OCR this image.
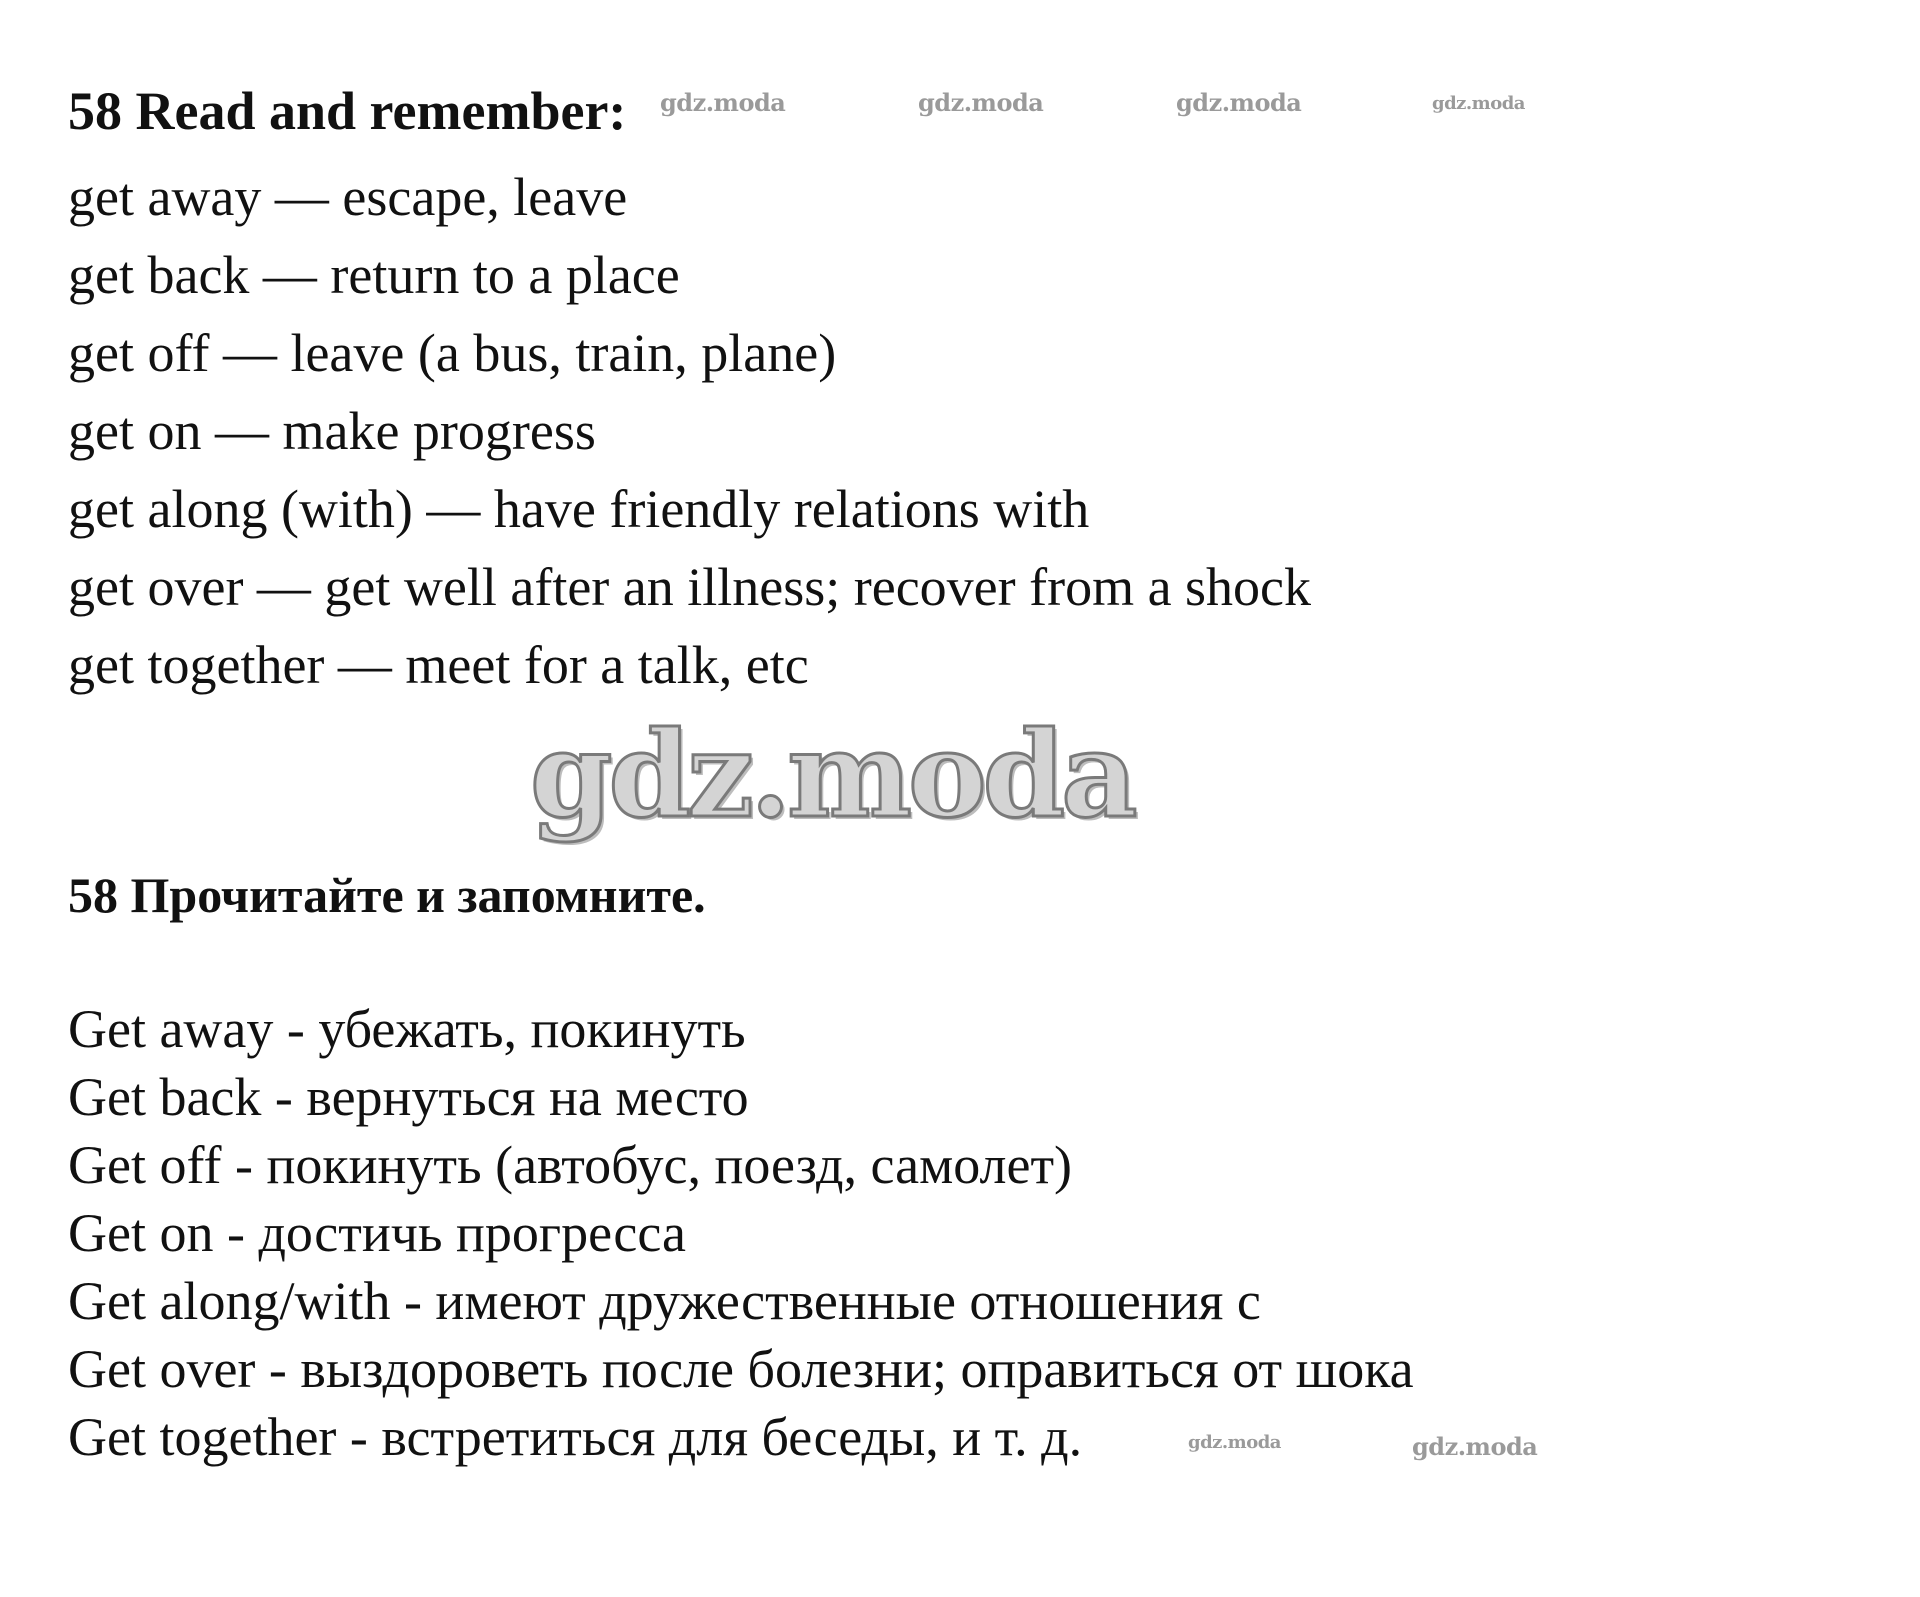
58 Read and remember:
get away — escape, leave
get back — return to a place
get off — leave (a bus, train, plane)
get on — make progress
get along (with) — have friendly relations with
get over — get well after an illness; recover from a shock
get together — meet for a talk, etc
gdz.moda
58 Прочитайте и запомните.
Get away - убежать, покинуть
Get back - вернуться на место
Get off - покинуть (автобус, поезд, самолет)
Get on - достичь прогресса
Get along/with - имеют дружественные отношения с
Get over - выздороветь после болезни; оправиться от шока
Get together - встретиться для беседы, и т. д.
gdz.moda	gdz.moda	gdz.moda	gdz.moda
gdz.moda	gdz.moda
